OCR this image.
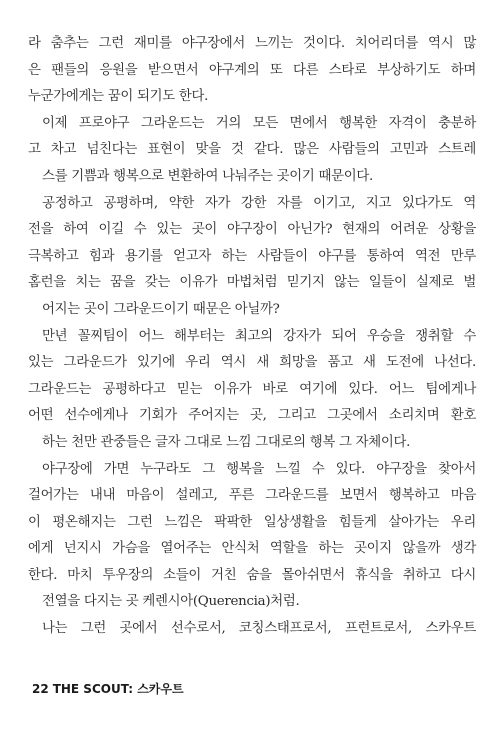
라 춤추는 그런 재미를 야구장에서 느끼는 것이다. 치어리더를 역시 많
은 팬들의 응원을 받으면서 야구계의 또 다른 스타로 부상하기도 하며
누군가에게는 꿈이 되기도 한다.

이제 프로야구 그라운드는 거의 모든 면에서 행복한 자격이 충분하
고 차고 넘친다는 표현이 맞을 것 같다. 많은 사람들의 고민과 스트레
스를 기쁨과 행복으로 변환하여 나눠주는 곳이기 때문이다.

공정하고 공평하며, 약한 자가 강한 자를 이기고, 지고 있다가도 역
전을 하여 이길 수 있는 곳이 야구장이 아닌가? 현재의 어려운 상황을
극복하고 힘과 용기를 얻고자 하는 사람들이 야구를 통하여 역전 만루
홈런을 치는 꿈을 갖는 이유가 마법처럼 믿기지 않는 일들이 실제로 벌
어지는 곳이 그라운드이기 때문은 아닐까?

만년 꼴찌팀이 어느 해부터는 최고의 강자가 되어 우승을 쟁취할 수
있는 그라운드가 있기에 우리 역시 새 희망을 품고 새 도전에 나선다.
그라운드는 공평하다고 믿는 이유가 바로 여기에 있다. 어느 팀에게나
어떤 선수에게나 기회가 주어지는 곳, 그리고 그곳에서 소리치며 환호
하는 천만 관중들은 글자 그대로 느낌 그대로의 행복 그 자체이다.

야구장에 가면 누구라도 그 행복을 느낄 수 있다. 야구장을 찾아서
걸어가는 내내 마음이 설레고, 푸른 그라운드를 보면서 행복하고 마음
이 평온해지는 그런 느낌은 팍팍한 일상생활을 힘들게 살아가는 우리
에게 넌지시 가슴을 열어주는 안식처 역할을 하는 곳이지 않을까 생각
한다. 마치 투우장의 소들이 거친 숨을 몰아쉬면서 휴식을 취하고 다시
전열을 다지는 곳 케렌시아(Querencia)처럼.

나는 그런 곳에서 선수로서, 코칭스태프로서, 프런트로서, 스카우트

22 THE SCOUT: 스카우트
